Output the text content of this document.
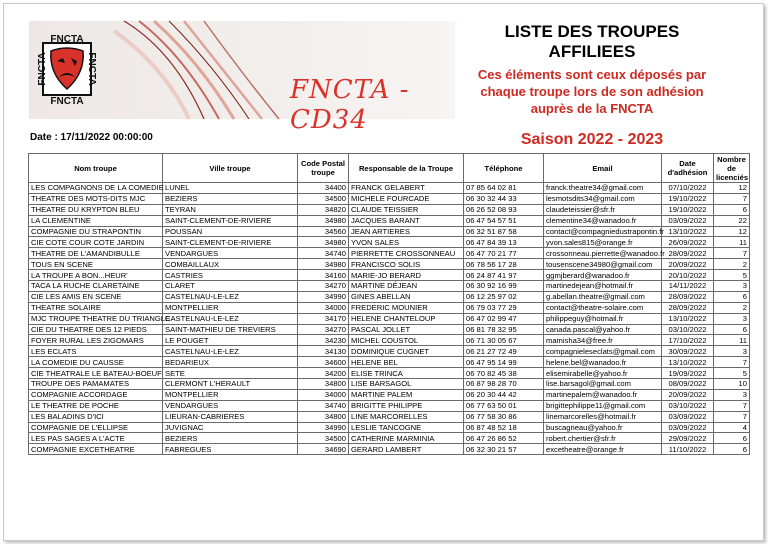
FNCTA
FNCTA	FNCTA
FNCTA	FNCTA - CD34
LISTE DES TROUPES AFFILIEES
Ces éléments sont ceux déposés par
chaque troupe lors de son adhésion
auprès de la FNCTA
Saison 2022 - 2023
Date : 17/11/2022 00:00:00
Nom troupe	Ville troupe	Code Postal troupe	Responsable de la Troupe	Téléphone	Email	Date d'adhésion	Nombre de licenciés
LES COMPAGNONS DE LA COMEDIE	LUNEL	34400	FRANCK GELABERT	07 85 64 02 81	franck.theatre34@gmail.com	07/10/2022	12
THEATRE DES MOTS-DITS MJC	BEZIERS	34500	MICHELE FOURCADE	06 30 32 44 33	lesmotsdits34@gmail.com	19/10/2022	7
THEATRE DU KRYPTON BLEU	TEYRAN	34820	CLAUDE TEISSIER	06 26 52 08 93	claudeteissier@sfr.fr	19/10/2022	6
LA CLEMENTINE	SAINT-CLEMENT-DE-RIVIERE	34980	JACQUES BARANT	06 47 54 57 51	clementine34@wanadoo.fr	03/09/2022	22
COMPAGNIE DU STRAPONTIN	POUSSAN	34560	JEAN ARTIERES	06 32 51 87 58	contact@compagniedustrapontin.fr	13/10/2022	12
CIE COTE COUR COTE JARDIN	SAINT-CLEMENT-DE-RIVIERE	34980	YVON SALES	06 47 84 39 13	yvon.sales815@orange.fr	26/09/2022	11
THEATRE DE L'AMANDIBULLE	VENDARGUES	34740	PIERRETTE CROSSONNEAU	06 47 70 21 77	crossonneau.pierrette@wanadoo.fr	28/09/2022	7
TOUS EN SCENE	COMBAILLAUX	34980	FRANCISCO SOLIS	06 78 56 17 28	tousenscene34980@gmail.com	20/09/2022	2
LA TROUPE A BON...HEUR'	CASTRIES	34160	MARIE-JO BERARD	06 24 87 41 97	ggmjberard@wanadoo.fr	20/10/2022	5
TACA LA RUCHE CLARETAINE	CLARET	34270	MARTINE DÉJEAN	06 30 92 16 99	martinedejean@hotmail.fr	14/11/2022	3
CIE LES AMIS EN SCENE	CASTELNAU-LE-LEZ	34990	GINES ABELLAN	06 12 25 97 02	g.abellan.theatre@gmail.com	28/09/2022	6
THEATRE SOLAIRE	MONTPELLIER	34000	FREDERIC MOUNIER	06 79 03 77 29	contact@theatre-solaire.com	28/09/2022	2
MJC TROUPE THEATRE DU TRIANGLE	CASTELNAU-LE-LEZ	34170	HELENE CHANTELOUP	06 47 02 99 47	philippeguy@hotmail.fr	13/10/2022	3
CIE DU THEATRE DES 12 PIEDS	SAINT-MATHIEU DE TREVIERS	34270	PASCAL JOLLET	06 81 78 32 95	canada.pascal@yahoo.fr	03/10/2022	6
FOYER RURAL LES ZIGOMARS	LE POUGET	34230	MICHEL COUSTOL	06 71 30 05 67	mamisha34@free.fr	17/10/2022	11
LES ECLATS	CASTELNAU-LE-LEZ	34130	DOMINIQUE CUGNET	06 21 27 72 49	compagnieleseclats@gmail.com	30/09/2022	3
LA COMEDIE DU CAUSSE	BEDARIEUX	34600	HELENE BEL	06 47 95 14 99	helene.bel@wanadoo.fr	13/10/2022	7
CIE THEATRALE LE BATEAU-BOEUF	SETE	34200	ELISE TRINCA	06 70 82 45 38	elisemirabelle@yahoo.fr	19/09/2022	5
TROUPE DES PAMAMATES	CLERMONT L'HERAULT	34800	LISE BARSAGOL	06 87 98 28 70	lise.barsagol@gmail.com	08/09/2022	10
COMPAGNIE ACCORDAGE	MONTPELLIER	34000	MARTINE PALEM	06 20 30 44 42	martinepalem@wanadoo.fr	20/09/2022	3
LE THEATRE DE POCHE	VENDARGUES	34740	BRIGITTE PHILIPPE	06 77 63 50 01	brigittephilippe11@gmail.com	03/10/2022	7
LES BALADINS D'ICI	LIEURAN-CABRIERES	34800	LINE MARCORELLES	06 77 58 30 86	linemarcorelles@hotmail.fr	03/09/2022	7
COMPAGNIE DE L'ELLIPSE	JUVIGNAC	34990	LESLIE TANCOGNE	06 87 48 52 18	buscagneau@yahoo.fr	03/09/2022	4
LES PAS SAGES A L'ACTE	BEZIERS	34500	CATHERINE MARMINIA	06 47 26 86 52	robert.chertier@sfr.fr	29/09/2022	6
COMPAGNIE EXCETHEATRE	FABREGUES	34690	GERARD LAMBERT	06 32 30 21 57	excetheatre@orange.fr	11/10/2022	6
